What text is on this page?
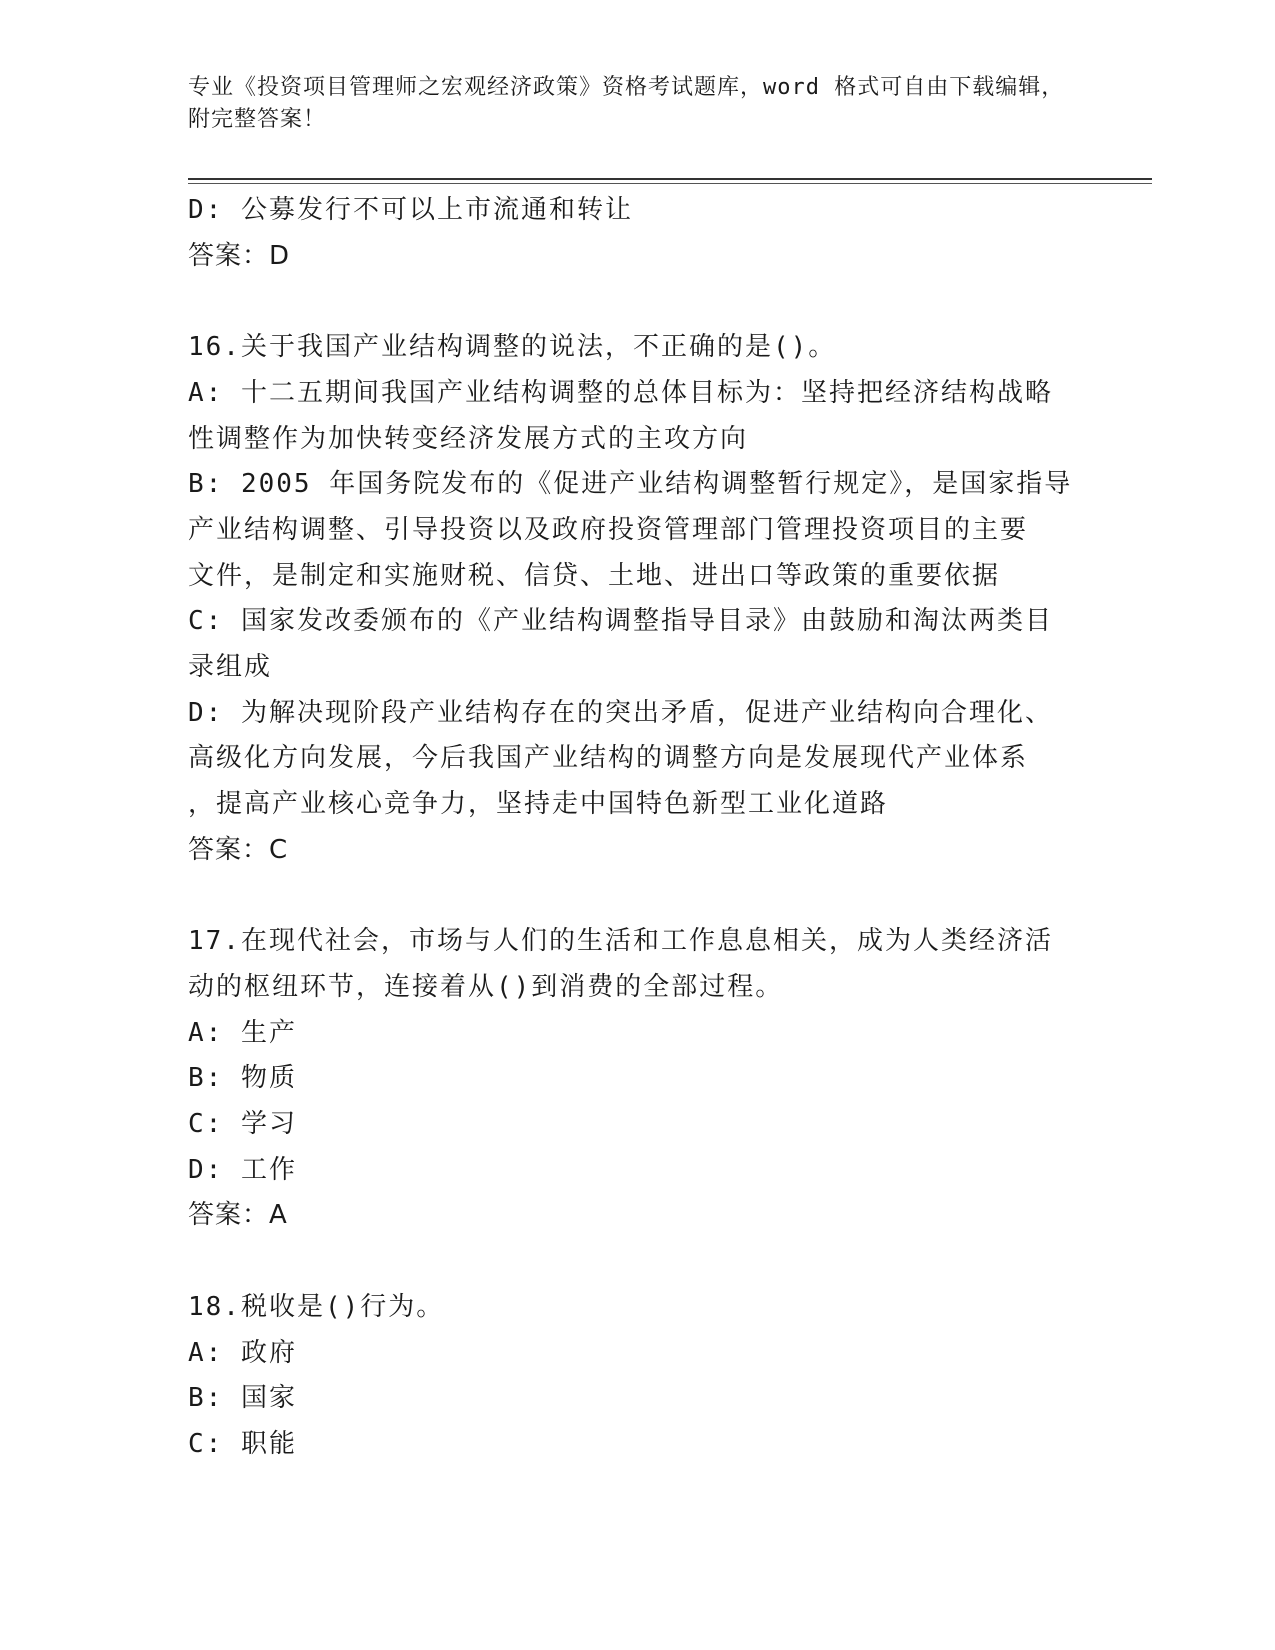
专业《投资项目管理师之宏观经济政策》资格考试题库，word 格式可自由下载编辑，附完整答案！
D: 公募发行不可以上市流通和转让
答案：D
16.关于我国产业结构调整的说法，不正确的是()。
A: 十二五期间我国产业结构调整的总体目标为：坚持把经济结构战略
性调整作为加快转变经济发展方式的主攻方向
B: 2005 年国务院发布的《促进产业结构调整暂行规定》，是国家指导
产业结构调整、引导投资以及政府投资管理部门管理投资项目的主要
文件，是制定和实施财税、信贷、土地、进出口等政策的重要依据
C: 国家发改委颁布的《产业结构调整指导目录》由鼓励和淘汰两类目
录组成
D: 为解决现阶段产业结构存在的突出矛盾，促进产业结构向合理化、
高级化方向发展，今后我国产业结构的调整方向是发展现代产业体系
，提高产业核心竞争力，坚持走中国特色新型工业化道路
答案：C
17.在现代社会，市场与人们的生活和工作息息相关，成为人类经济活
动的枢纽环节，连接着从()到消费的全部过程。
A: 生产
B: 物质
C: 学习
D: 工作
答案：A
18.税收是()行为。
A: 政府
B: 国家
C: 职能
